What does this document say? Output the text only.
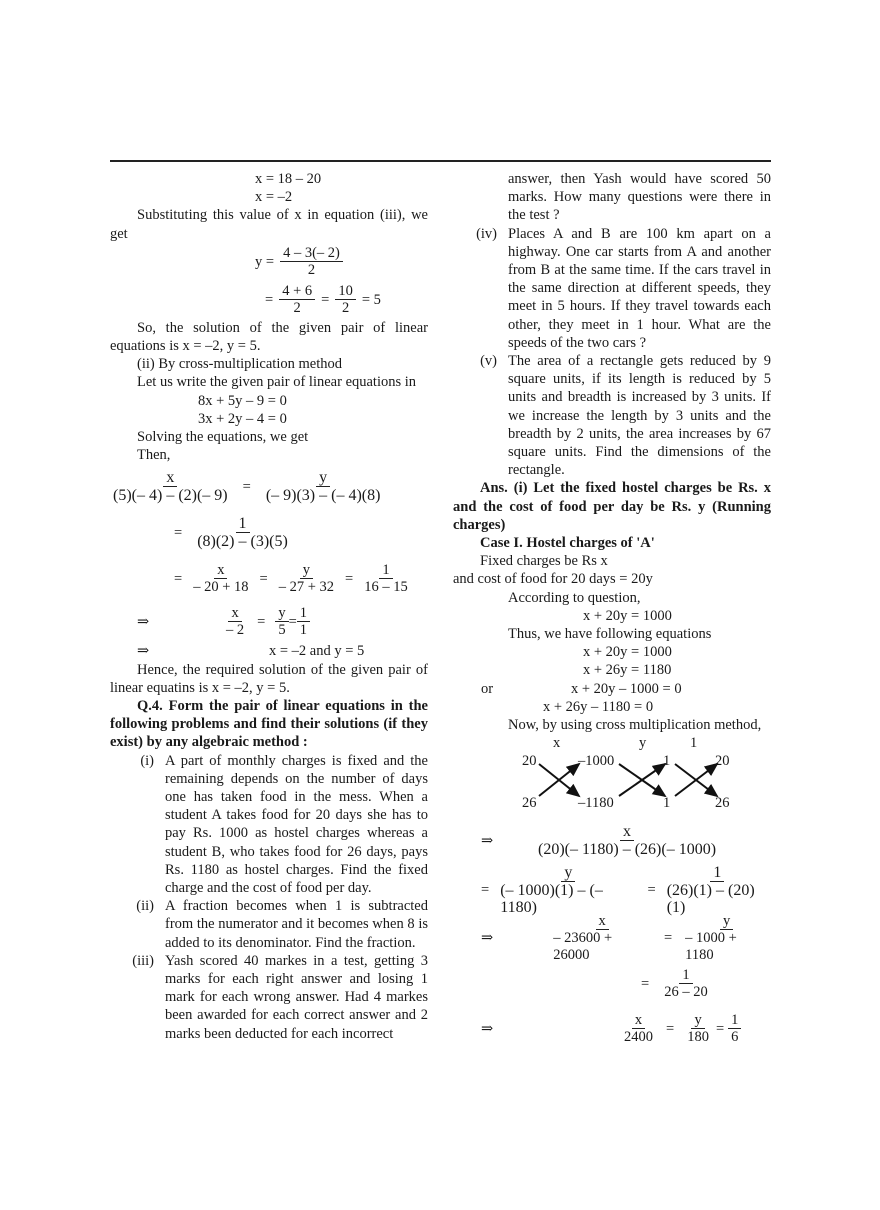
x = 18 – 20
x = –2

Substituting this value of x in equation (iii), we get

$y = \frac{4 - 3(- 2)}{2}$
= $\frac{4 + 6}{2} = \frac{10}{2} = 5$

So, the solution of the given pair of linear equations is x = –2, y = 5.

(ii) By cross-multiplication method
Let us write the given pair of linear equations in
8x + 5y – 9 = 0
3x + 2y – 4 = 0
Solving the equations, we get
Then,
$\frac{x}{(5)(- 4) - (2)(- 9)} = \frac{y}{(- 9)(3) - (- 4)(8)}$
= $\frac{1}{(8)(2) - (3)(5)}$
= $\frac{x}{- 20 + 18} = \frac{y}{- 27 + 32} = \frac{1}{16 - 15}$
⇒	$\frac{x}{- 2} = \frac{y}{5} = \frac{1}{1}$
⇒	x = –2 and y = 5

Hence, the required solution of the given pair of linear equatins is x = –2, y = 5.

Q.4. Form the pair of linear equations in the following problems and find their solutions (if they exist) by any algebraic method :

(i) A part of monthly charges is fixed and the remaining depends on the number of days one has taken food in the mess. When a student A takes food for 20 days she has to pay Rs. 1000 as hostel charges whereas a student B, who takes food for 26 days, pays Rs. 1180 as hostel charges. Find the fixed charge and the cost of food per day.
(ii) A fraction becomes when 1 is subtracted from the numerator and it becomes when 8 is added to its denominator. Find the fraction.
(iii) Yash scored 40 markes in a test, getting 3 marks for each right answer and losing 1 mark for each wrong answer. Had 4 markes been awarded for each correct answer and 2 marks been deducted for each incorrect

answer, then Yash would have scored 50 marks. How many questions were there in the test ?

(iv) Places A and B are 100 km apart on a highway. One car starts from A and another from B at the same time. If the cars travel in the same direction at different speeds, they meet in 5 hours. If they travel towards each other, they meet in 1 hour. What are the speeds of the two cars ?
(v) The area of a rectangle gets reduced by 9 square units, if its length is reduced by 5 units and breadth is increased by 3 units. If we increase the length by 3 units and the breadth by 2 units, the area increases by 67 square units. Find the dimensions of the rectangle.

Ans. (i) Let the fixed hostel charges be Rs. x and the cost of food per day be Rs. y (Running charges)

Case I. Hostel charges of 'A'
Fixed charges be Rs x
and cost of food for 20 days = 20y
According to question,
x + 20y = 1000
Thus, we have following equations
x + 20y = 1000
x + 26y = 1180
or	x + 20y – 1000 = 0
x + 26y – 1180 = 0
Now, by using cross multiplication method,
x	y	1
20	–1000	1	20
26	–1180	1	26
⇒	$\frac{x}{(20)(- 1180) - (26)(- 1000)}$
= $\frac{y}{(- 1000)(1) - (- 1180)} = \frac{1}{(26)(1) - (20)(1)}$
⇒	$\frac{x}{- 23600 + 26000} = \frac{y}{- 1000 + 1180}$
= $\frac{1}{26 - 20}$
⇒	$\frac{x}{2400} = \frac{y}{180} = \frac{1}{6}$
